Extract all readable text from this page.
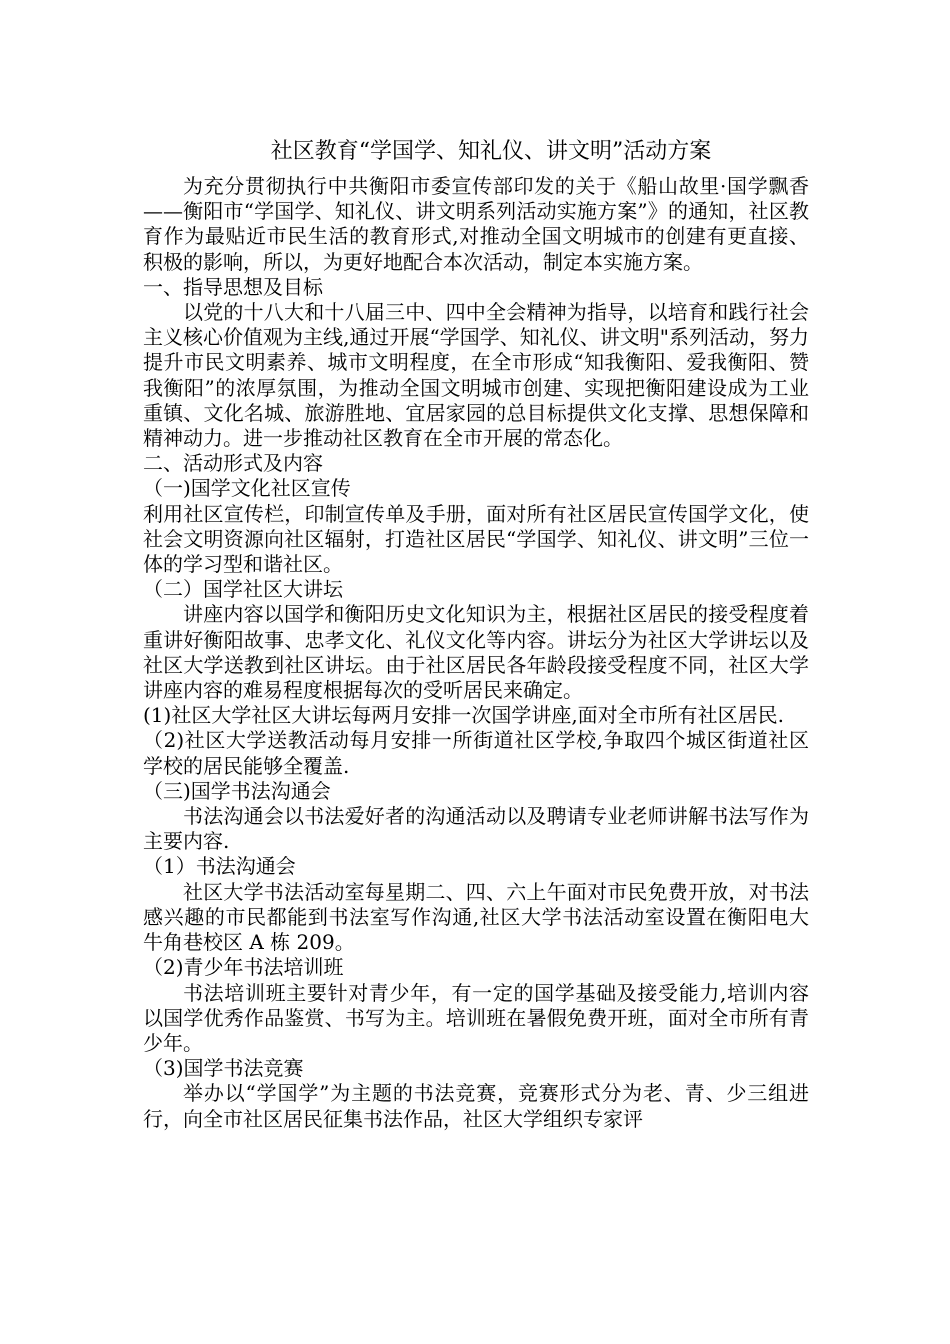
社区教育“学国学、知礼仪、讲文明”活动方案

为充分贯彻执行中共衡阳市委宣传部印发的关于《船山故里·国学飘香——衡阳市“学国学、知礼仪、讲文明系列活动实施方案”》的通知，社区教育作为最贴近市民生活的教育形式,对推动全国文明城市的创建有更直接、积极的影响，所以，为更好地配合本次活动，制定本实施方案。

一、指导思想及目标

以党的十八大和十八届三中、四中全会精神为指导，以培育和践行社会主义核心价值观为主线,通过开展“学国学、知礼仪、讲文明"系列活动，努力提升市民文明素养、城市文明程度，在全市形成“知我衡阳、爱我衡阳、赞我衡阳”的浓厚氛围，为推动全国文明城市创建、实现把衡阳建设成为工业重镇、文化名城、旅游胜地、宜居家园的总目标提供文化支撑、思想保障和精神动力。进一步推动社区教育在全市开展的常态化。

二、活动形式及内容

（一)国学文化社区宣传

利用社区宣传栏，印制宣传单及手册，面对所有社区居民宣传国学文化，使社会文明资源向社区辐射，打造社区居民“学国学、知礼仪、讲文明”三位一体的学习型和谐社区。

（二）国学社区大讲坛

讲座内容以国学和衡阳历史文化知识为主，根据社区居民的接受程度着重讲好衡阳故事、忠孝文化、礼仪文化等内容。讲坛分为社区大学讲坛以及社区大学送教到社区讲坛。由于社区居民各年龄段接受程度不同，社区大学讲座内容的难易程度根据每次的受听居民来确定。

(1)社区大学社区大讲坛每两月安排一次国学讲座,面对全市所有社区居民.

（2)社区大学送教活动每月安排一所街道社区学校,争取四个城区街道社区学校的居民能够全覆盖.

（三)国学书法沟通会

书法沟通会以书法爱好者的沟通活动以及聘请专业老师讲解书法写作为主要内容.

（1）书法沟通会

社区大学书法活动室每星期二、四、六上午面对市民免费开放，对书法感兴趣的市民都能到书法室写作沟通,社区大学书法活动室设置在衡阳电大牛角巷校区 A 栋 209。

（2)青少年书法培训班

书法培训班主要针对青少年，有一定的国学基础及接受能力,培训内容以国学优秀作品鉴赏、书写为主。培训班在暑假免费开班，面对全市所有青少年。

（3)国学书法竞赛

举办以“学国学”为主题的书法竞赛，竞赛形式分为老、青、少三组进行，向全市社区居民征集书法作品，社区大学组织专家评
